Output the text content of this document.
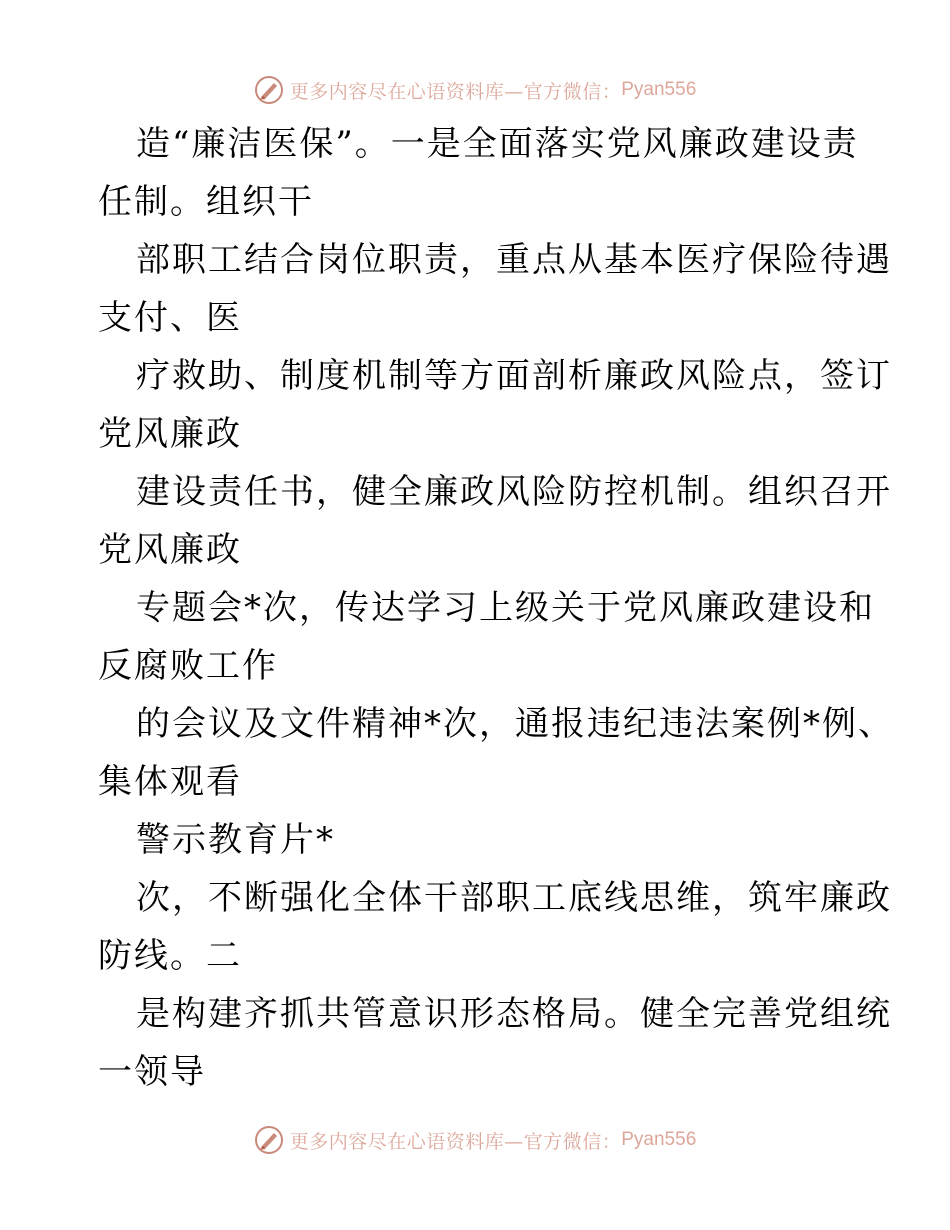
更多内容尽在心语资料库—官方微信： Pyan556

造“廉洁医保”。一是全面落实党风廉政建设责
任制。组织干

部职工结合岗位职责，重点从基本医疗保险待遇
支付、医

疗救助、制度机制等方面剖析廉政风险点，签订
党风廉政

建设责任书，健全廉政风险防控机制。组织召开
党风廉政

专题会*次，传达学习上级关于党风廉政建设和
反腐败工作

的会议及文件精神*次，通报违纪违法案例*例、
集体观看

警示教育片*

次，不断强化全体干部职工底线思维，筑牢廉政
防线。二

是构建齐抓共管意识形态格局。健全完善党组统
一领导

更多内容尽在心语资料库—官方微信： Pyan556
